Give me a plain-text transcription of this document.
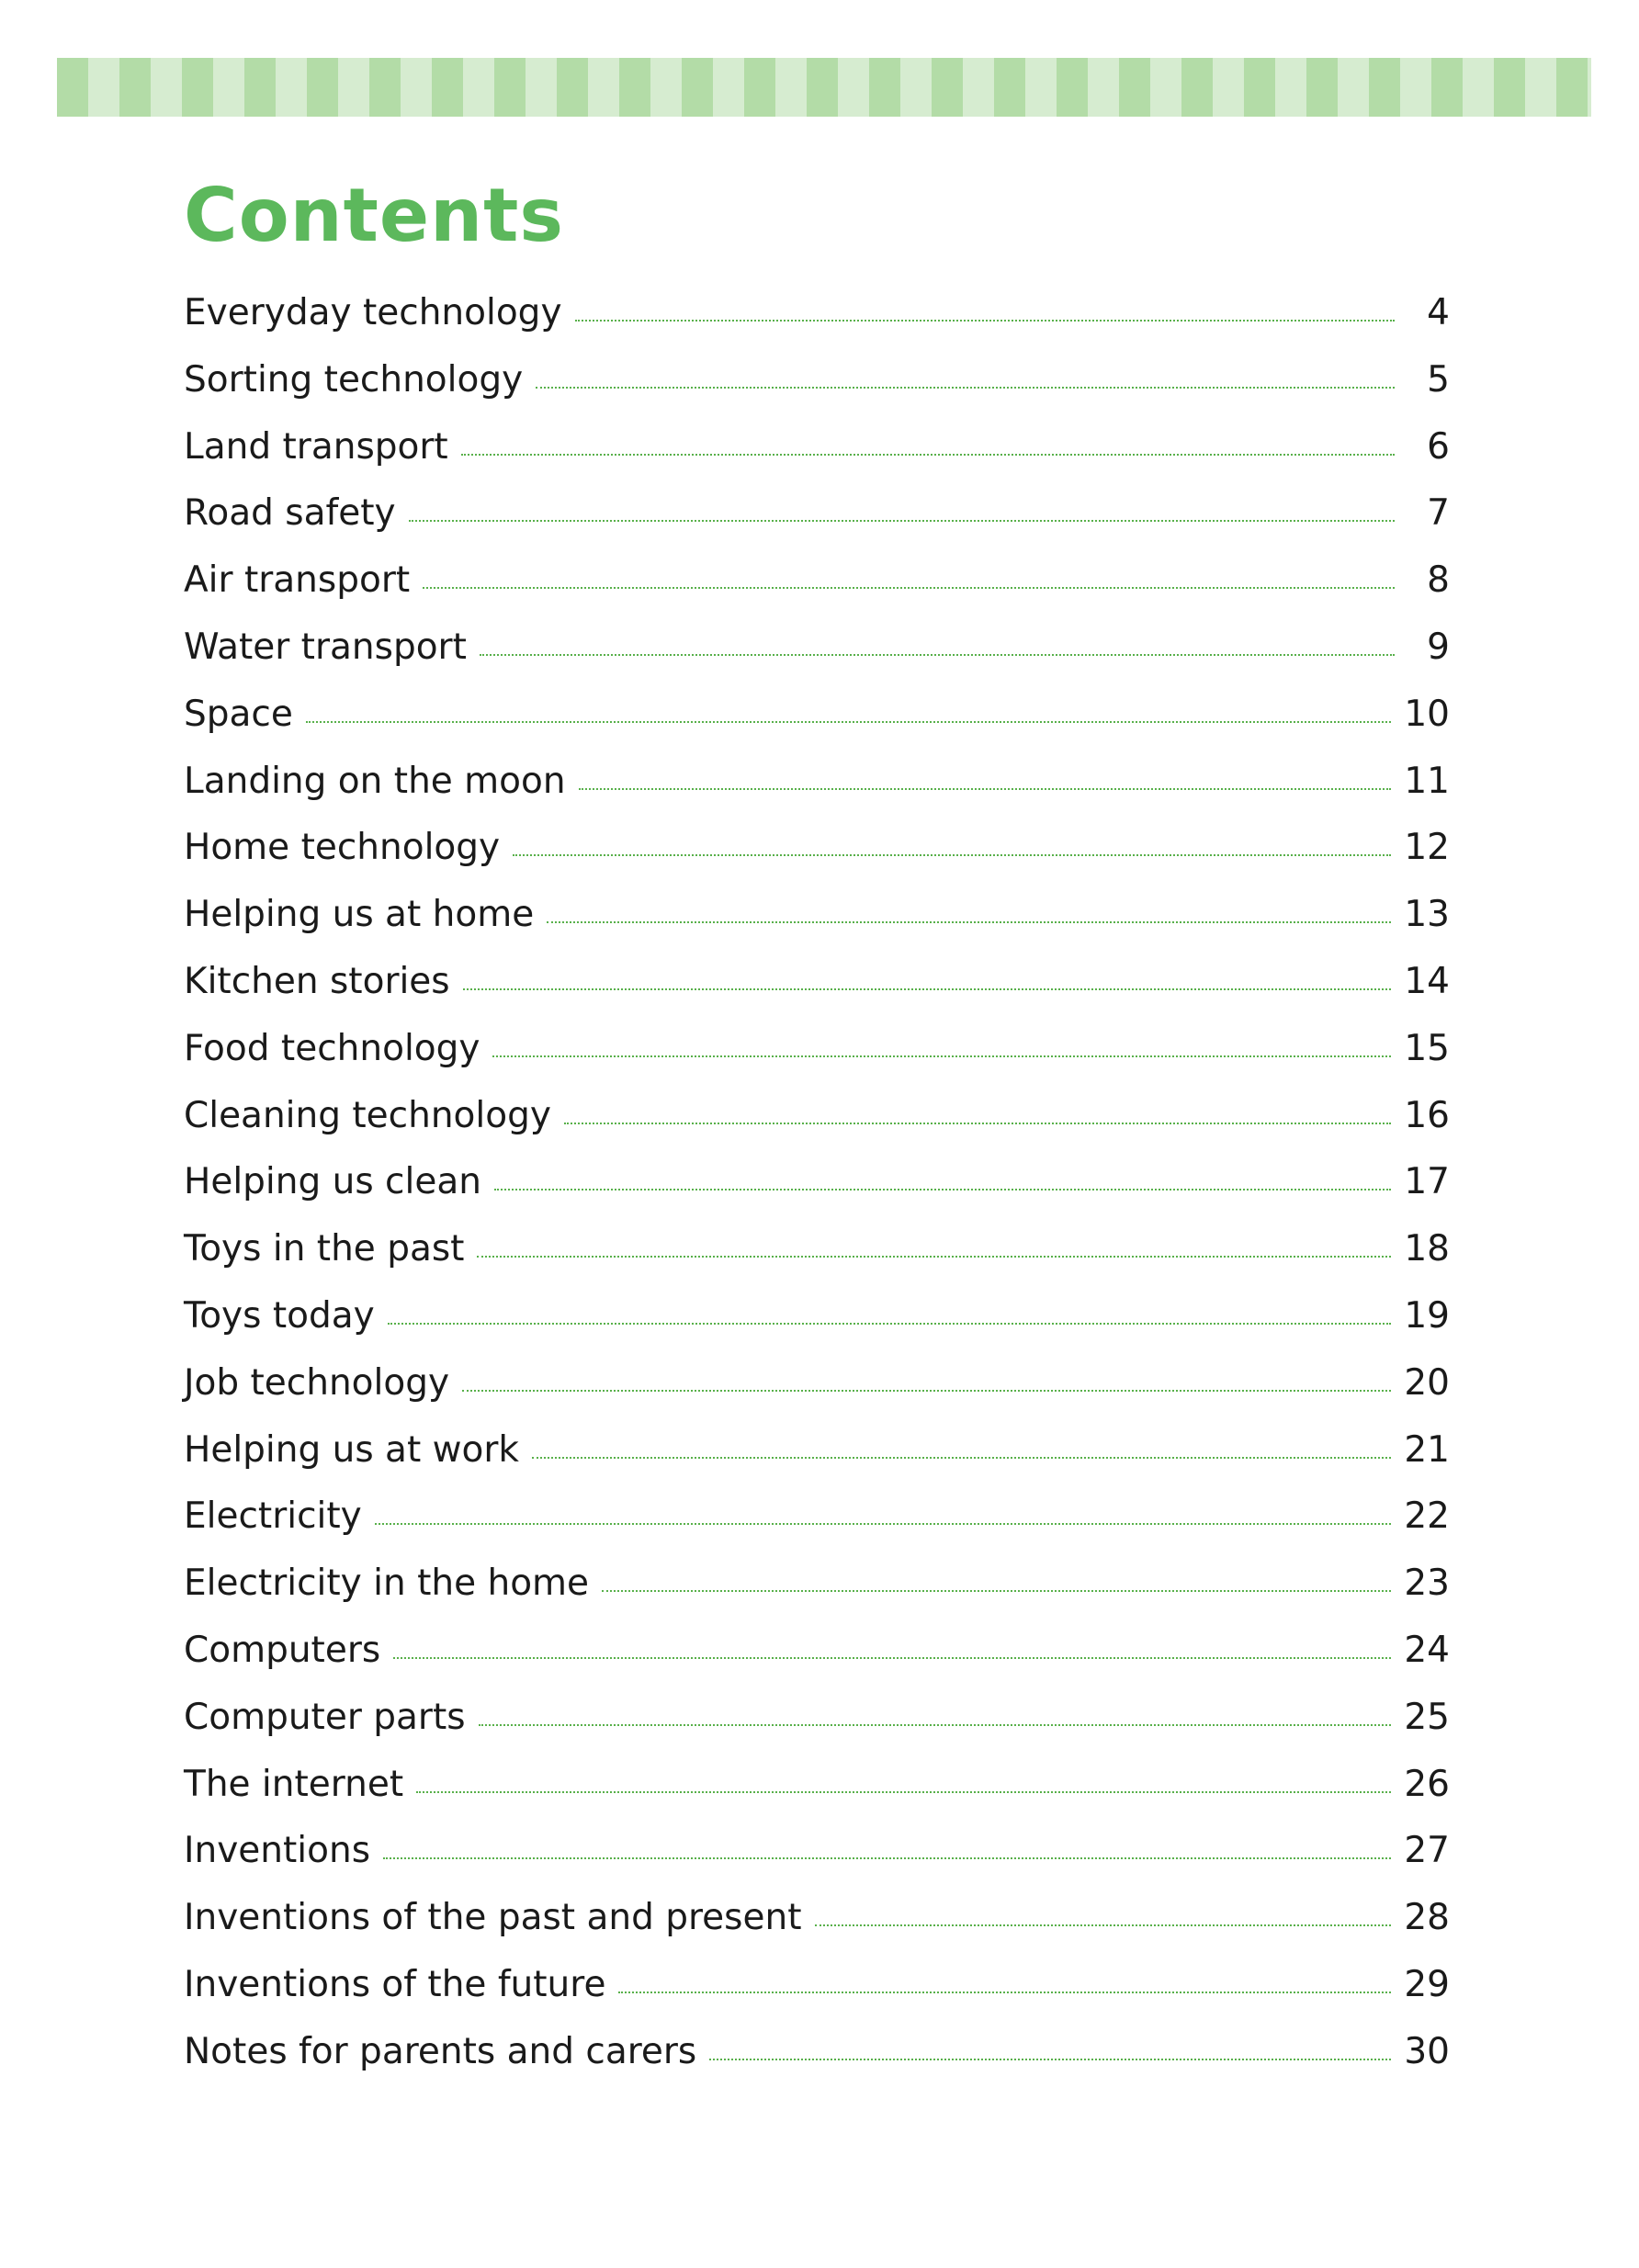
Contents
Everyday technology	4
Sorting technology	5
Land transport	6
Road safety	7
Air transport	8
Water transport	9
Space	10
Landing on the moon	11
Home technology	12
Helping us at home	13
Kitchen stories	14
Food technology	15
Cleaning technology	16
Helping us clean	17
Toys in the past	18
Toys today	19
Job technology	20
Helping us at work	21
Electricity	22
Electricity in the home	23
Computers	24
Computer parts	25
The internet	26
Inventions	27
Inventions of the past and present	28
Inventions of the future	29
Notes for parents and carers	30
